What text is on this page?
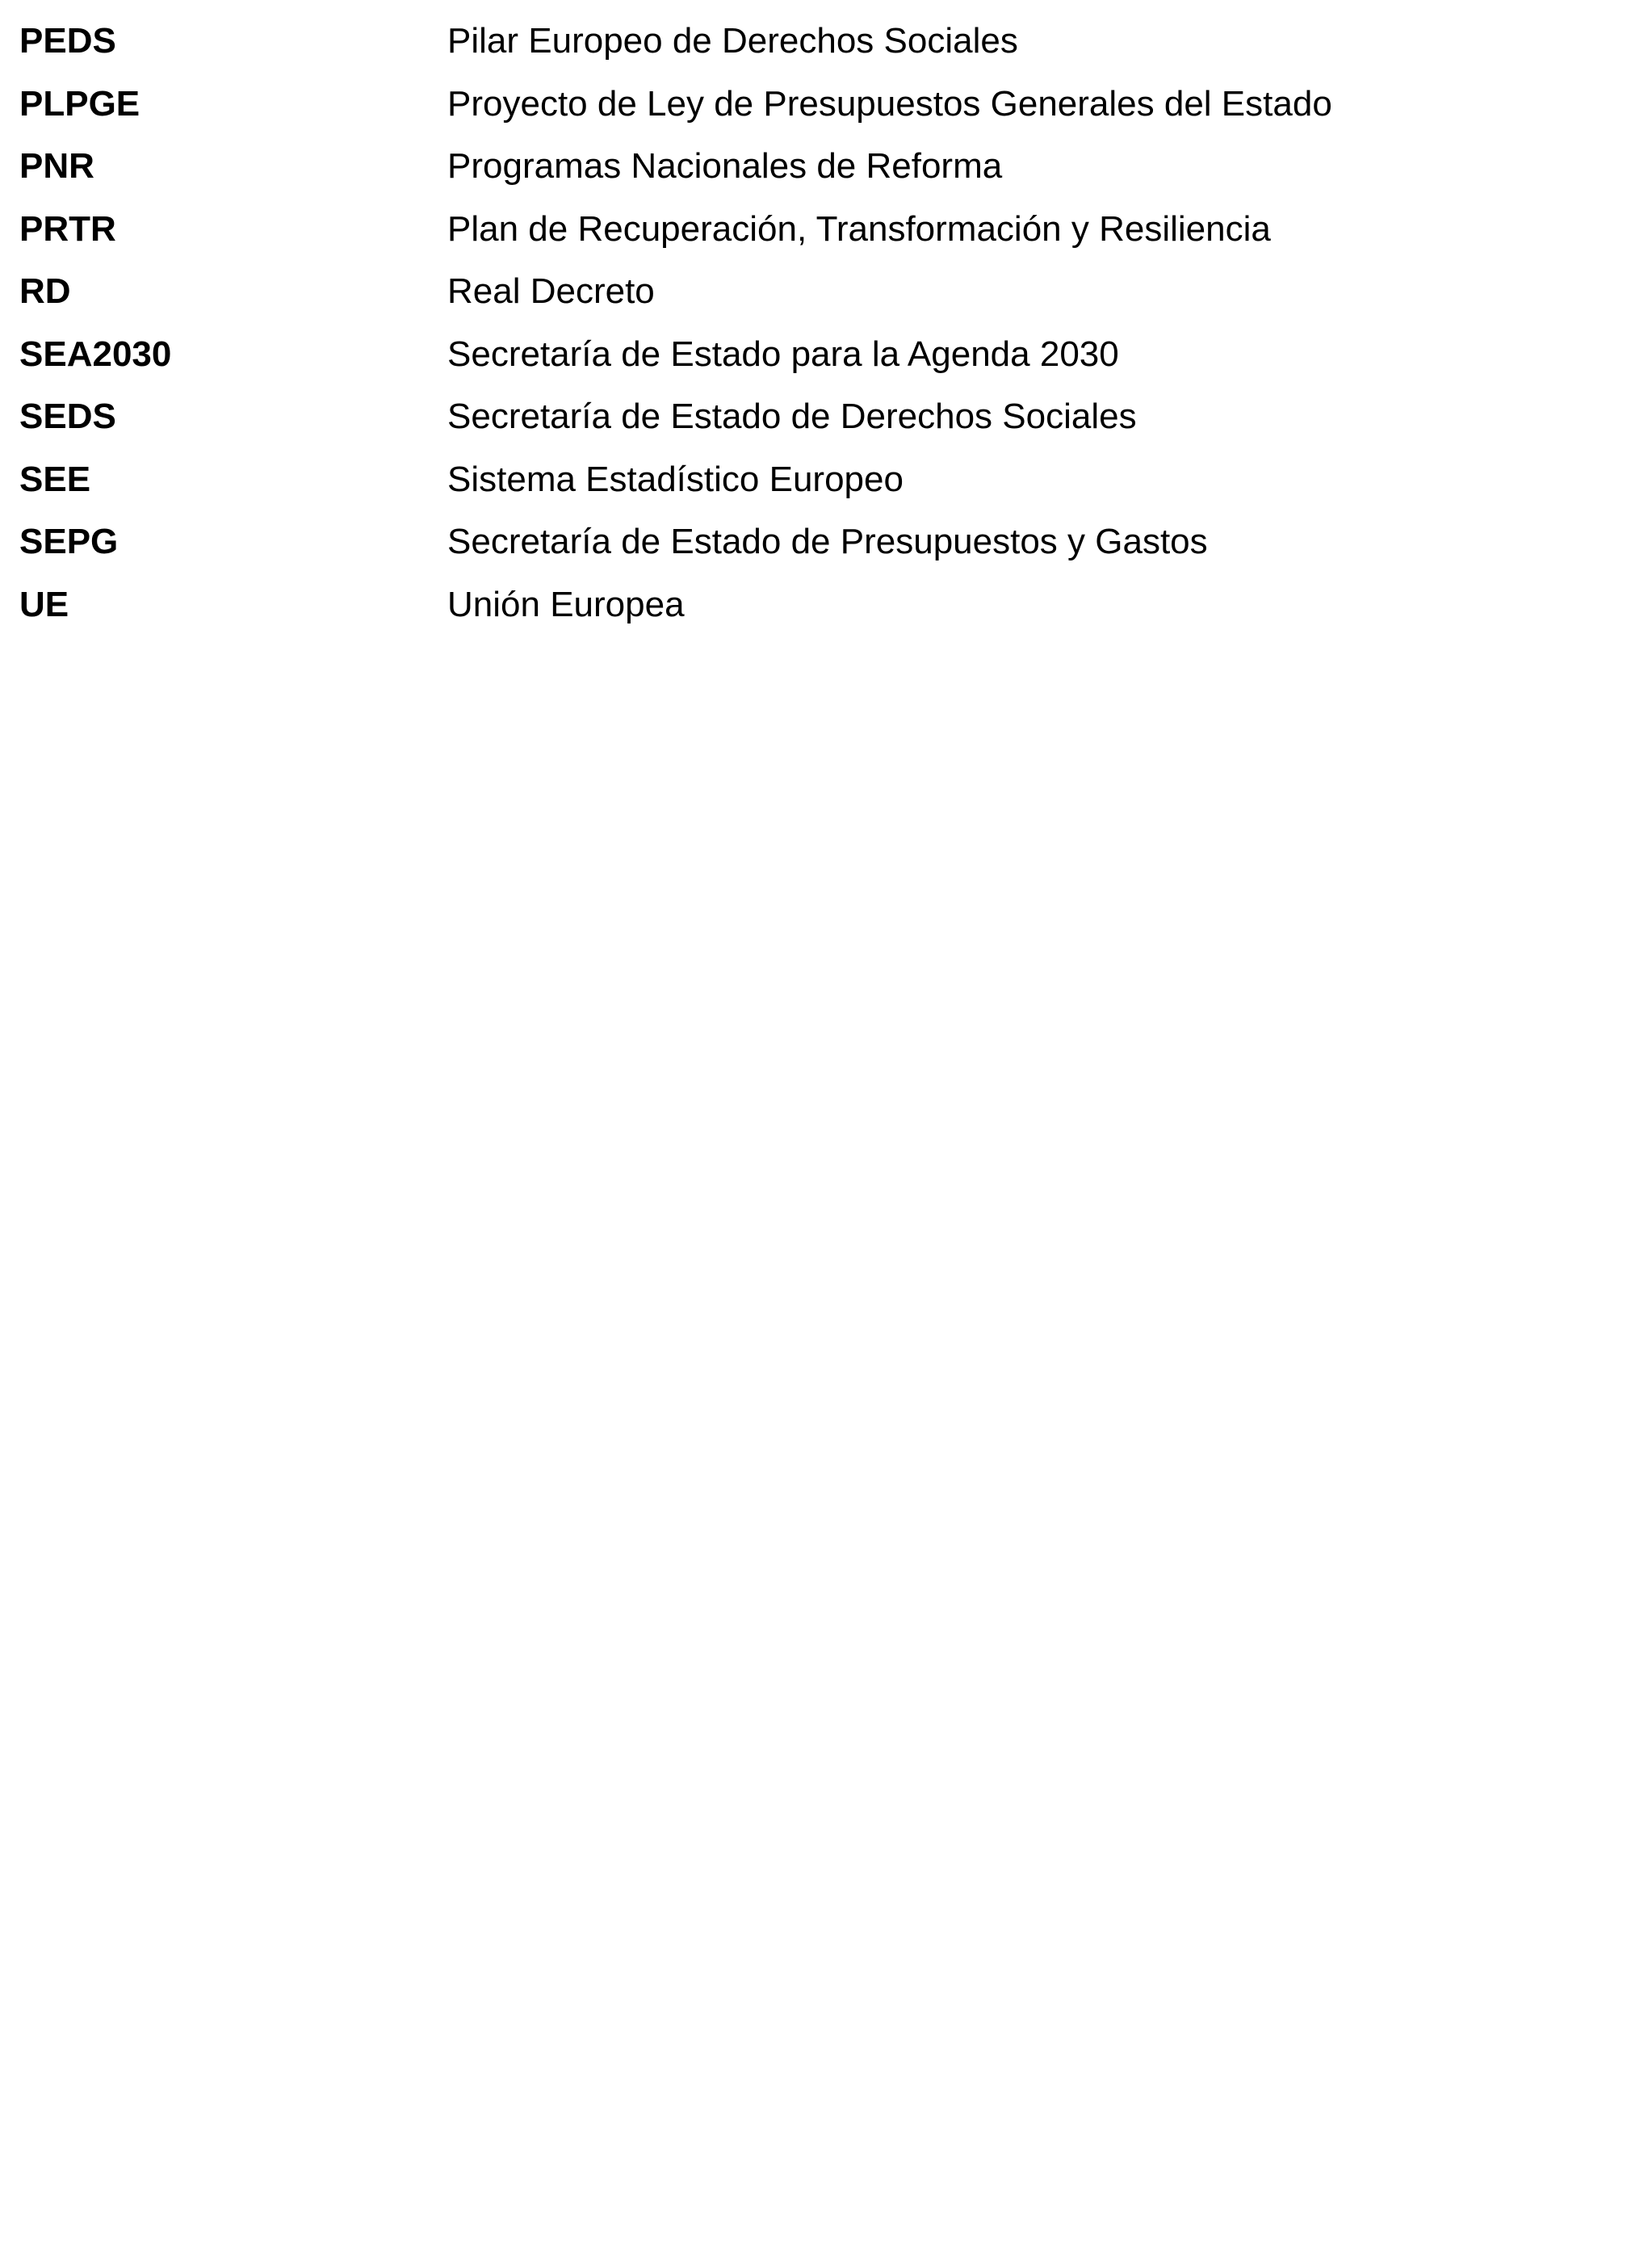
PEDS	Pilar Europeo de Derechos Sociales
PLPGE	Proyecto de Ley de Presupuestos Generales del Estado
PNR	Programas Nacionales de Reforma
PRTR	Plan de Recuperación, Transformación y Resiliencia
RD	Real Decreto
SEA2030	Secretaría de Estado para la Agenda 2030
SEDS	Secretaría de Estado de Derechos Sociales
SEE	Sistema Estadístico Europeo
SEPG	Secretaría de Estado de Presupuestos y Gastos
UE	Unión Europea
